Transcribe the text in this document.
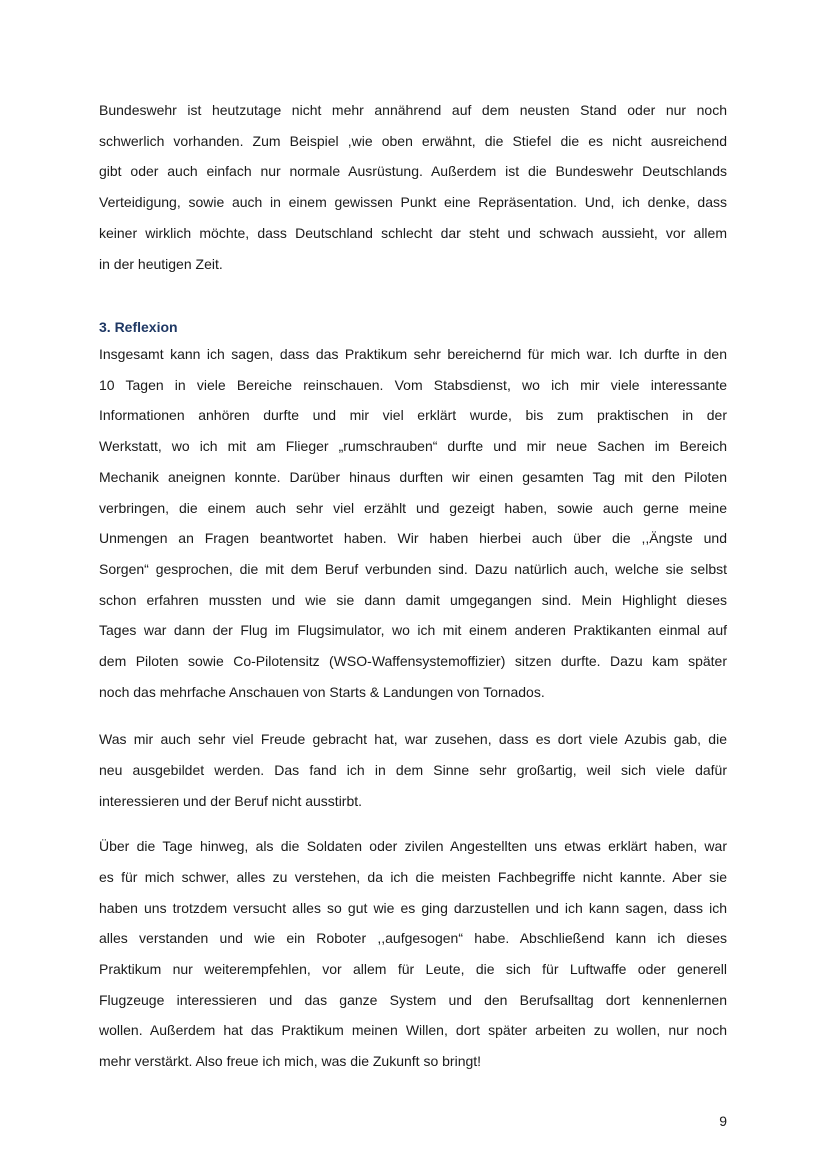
Bundeswehr ist heutzutage nicht mehr annährend auf dem neusten Stand oder nur noch
schwerlich vorhanden. Zum Beispiel ,wie oben erwähnt, die Stiefel die es nicht ausreichend
gibt oder auch einfach nur normale Ausrüstung. Außerdem ist die Bundeswehr Deutschlands
Verteidigung, sowie auch in einem gewissen Punkt eine Repräsentation. Und, ich denke, dass
keiner wirklich möchte, dass Deutschland schlecht dar steht und schwach aussieht, vor allem
in der heutigen Zeit.
3. Reflexion
Insgesamt kann ich sagen, dass das Praktikum sehr bereichernd für mich war. Ich durfte in den
10 Tagen in viele Bereiche reinschauen. Vom Stabsdienst, wo ich mir viele interessante
Informationen anhören durfte und mir viel erklärt wurde, bis zum praktischen in der
Werkstatt, wo ich mit am Flieger „rumschrauben“ durfte und mir neue Sachen im Bereich
Mechanik aneignen konnte. Darüber hinaus durften wir einen gesamten Tag mit den Piloten
verbringen, die einem auch sehr viel erzählt und gezeigt haben, sowie auch gerne meine
Unmengen an Fragen beantwortet haben. Wir haben hierbei auch über die ,,Ängste und
Sorgen“ gesprochen, die mit dem Beruf verbunden sind. Dazu natürlich auch, welche sie selbst
schon erfahren mussten und wie sie dann damit umgegangen sind. Mein Highlight dieses
Tages war dann der Flug im Flugsimulator, wo ich mit einem anderen Praktikanten einmal auf
dem Piloten sowie Co-Pilotensitz (WSO-Waffensystemoffizier) sitzen durfte. Dazu kam später
noch das mehrfache Anschauen von Starts & Landungen von Tornados.
Was mir auch sehr viel Freude gebracht hat, war zusehen, dass es dort viele Azubis gab, die
neu ausgebildet werden. Das fand ich in dem Sinne sehr großartig, weil sich viele dafür
interessieren und der Beruf nicht ausstirbt.
Über die Tage hinweg, als die Soldaten oder zivilen Angestellten uns etwas erklärt haben, war
es für mich schwer, alles zu verstehen, da ich die meisten Fachbegriffe nicht kannte. Aber sie
haben uns trotzdem versucht alles so gut wie es ging darzustellen und ich kann sagen, dass ich
alles verstanden und wie ein Roboter ,,aufgesogen“ habe. Abschließend kann ich dieses
Praktikum nur weiterempfehlen, vor allem für Leute, die sich für Luftwaffe oder generell
Flugzeuge interessieren und das ganze System und den Berufsalltag dort kennenlernen
wollen. Außerdem hat das Praktikum meinen Willen, dort später arbeiten zu wollen, nur noch
mehr verstärkt. Also freue ich mich, was die Zukunft so bringt!
9
